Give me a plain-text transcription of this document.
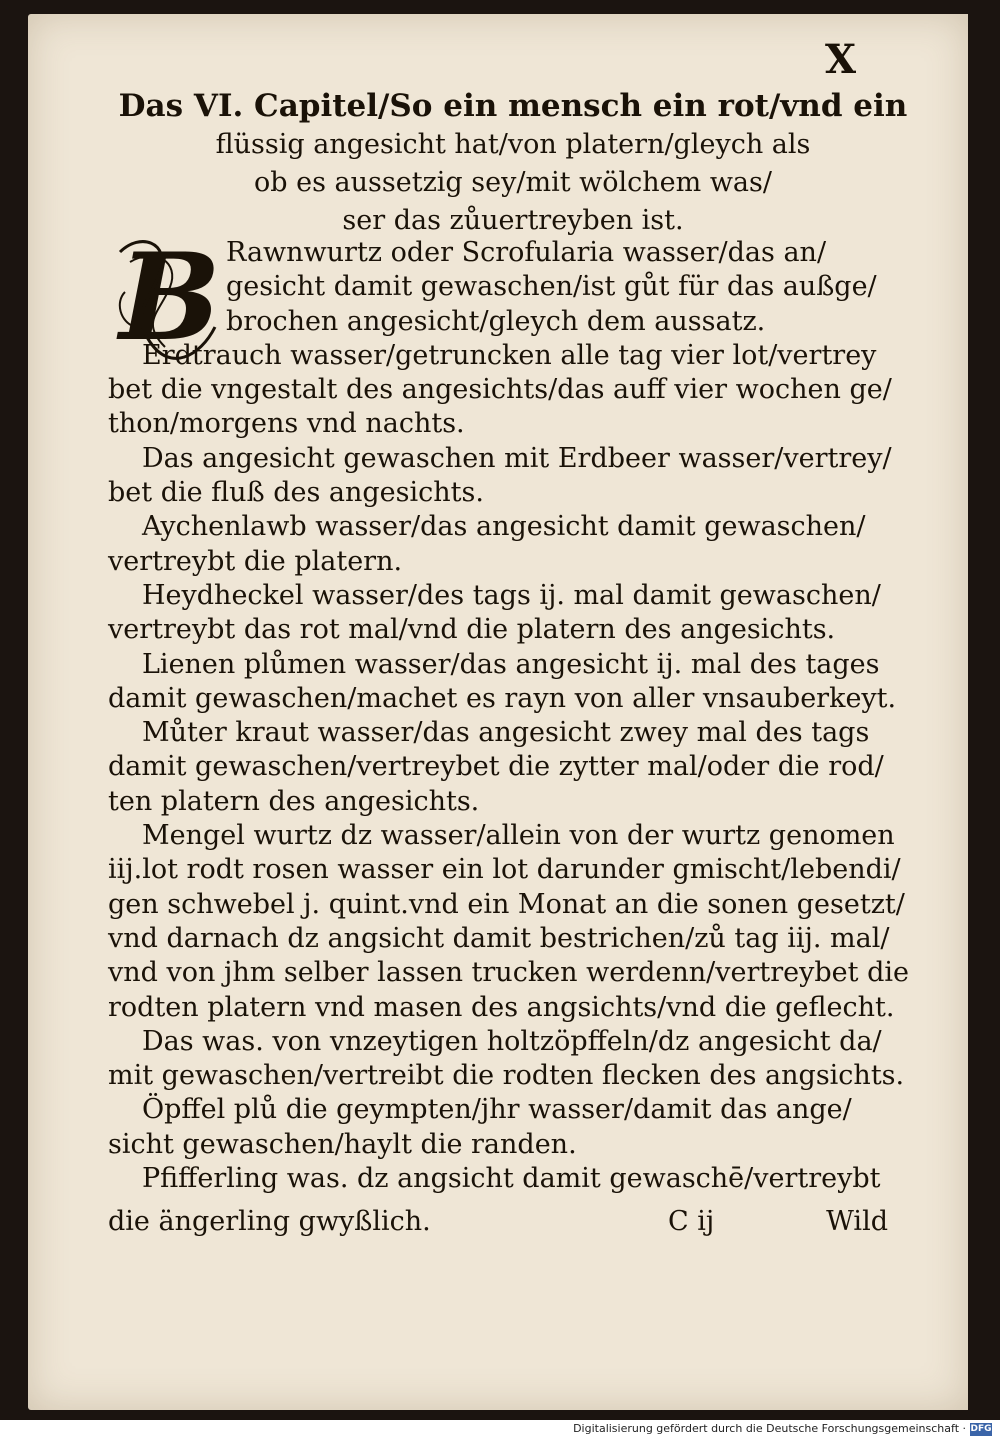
X
Das VI. Capitel/So ein mensch ein rot/vnd ein
flüssig angesicht hat/von platern/gleych als
ob es aussetzig sey/mit wölchem was/
ser das zůuertreyben ist.
B Rawnwurtz oder Scrofularia wasser/das an/
gesicht damit gewaschen/ist gůt für das außge/
brochen angesicht/gleych dem aussatz.
Erdtrauch wasser/getruncken alle tag vier lot/vertrey
bet die vngestalt des angesichts/das auff vier wochen ge/
thon/morgens vnd nachts.
Das angesicht gewaschen mit Erdbeer wasser/vertrey/
bet die fluß des angesichts.
Aychenlawb wasser/das angesicht damit gewaschen/
vertreybt die platern.
Heydheckel wasser/des tags ij. mal damit gewaschen/
vertreybt das rot mal/vnd die platern des angesichts.
Lienen plůmen wasser/das angesicht ij. mal des tages
damit gewaschen/machet es rayn von aller vnsauberkeyt.
Můter kraut wasser/das angesicht zwey mal des tags
damit gewaschen/vertreybet die zytter mal/oder die rod/
ten platern des angesichts.
Mengel wurtz dz wasser/allein von der wurtz genomen
iij.lot rodt rosen wasser ein lot darunder gmischt/lebendi/
gen schwebel j. quint.vnd ein Monat an die sonen gesetzt/
vnd darnach dz angsicht damit bestrichen/zů tag iij. mal/
vnd von jhm selber lassen trucken werdenn/vertreybet die
rodten platern vnd masen des angsichts/vnd die geflecht.
Das was. von vnzeytigen holtzöpffeln/dz angesicht da/
mit gewaschen/vertreibt die rodten flecken des angsichts.
Öpffel plů die geympten/jhr wasser/damit das ange/
sicht gewaschen/haylt die randen.
Pfifferling was. dz angsicht damit gewaschē/vertreybt
die ängerling gwyßlich.	C ij	Wild
Digitalisierung gefördert durch die Deutsche Forschungsgemeinschaft · DFG
